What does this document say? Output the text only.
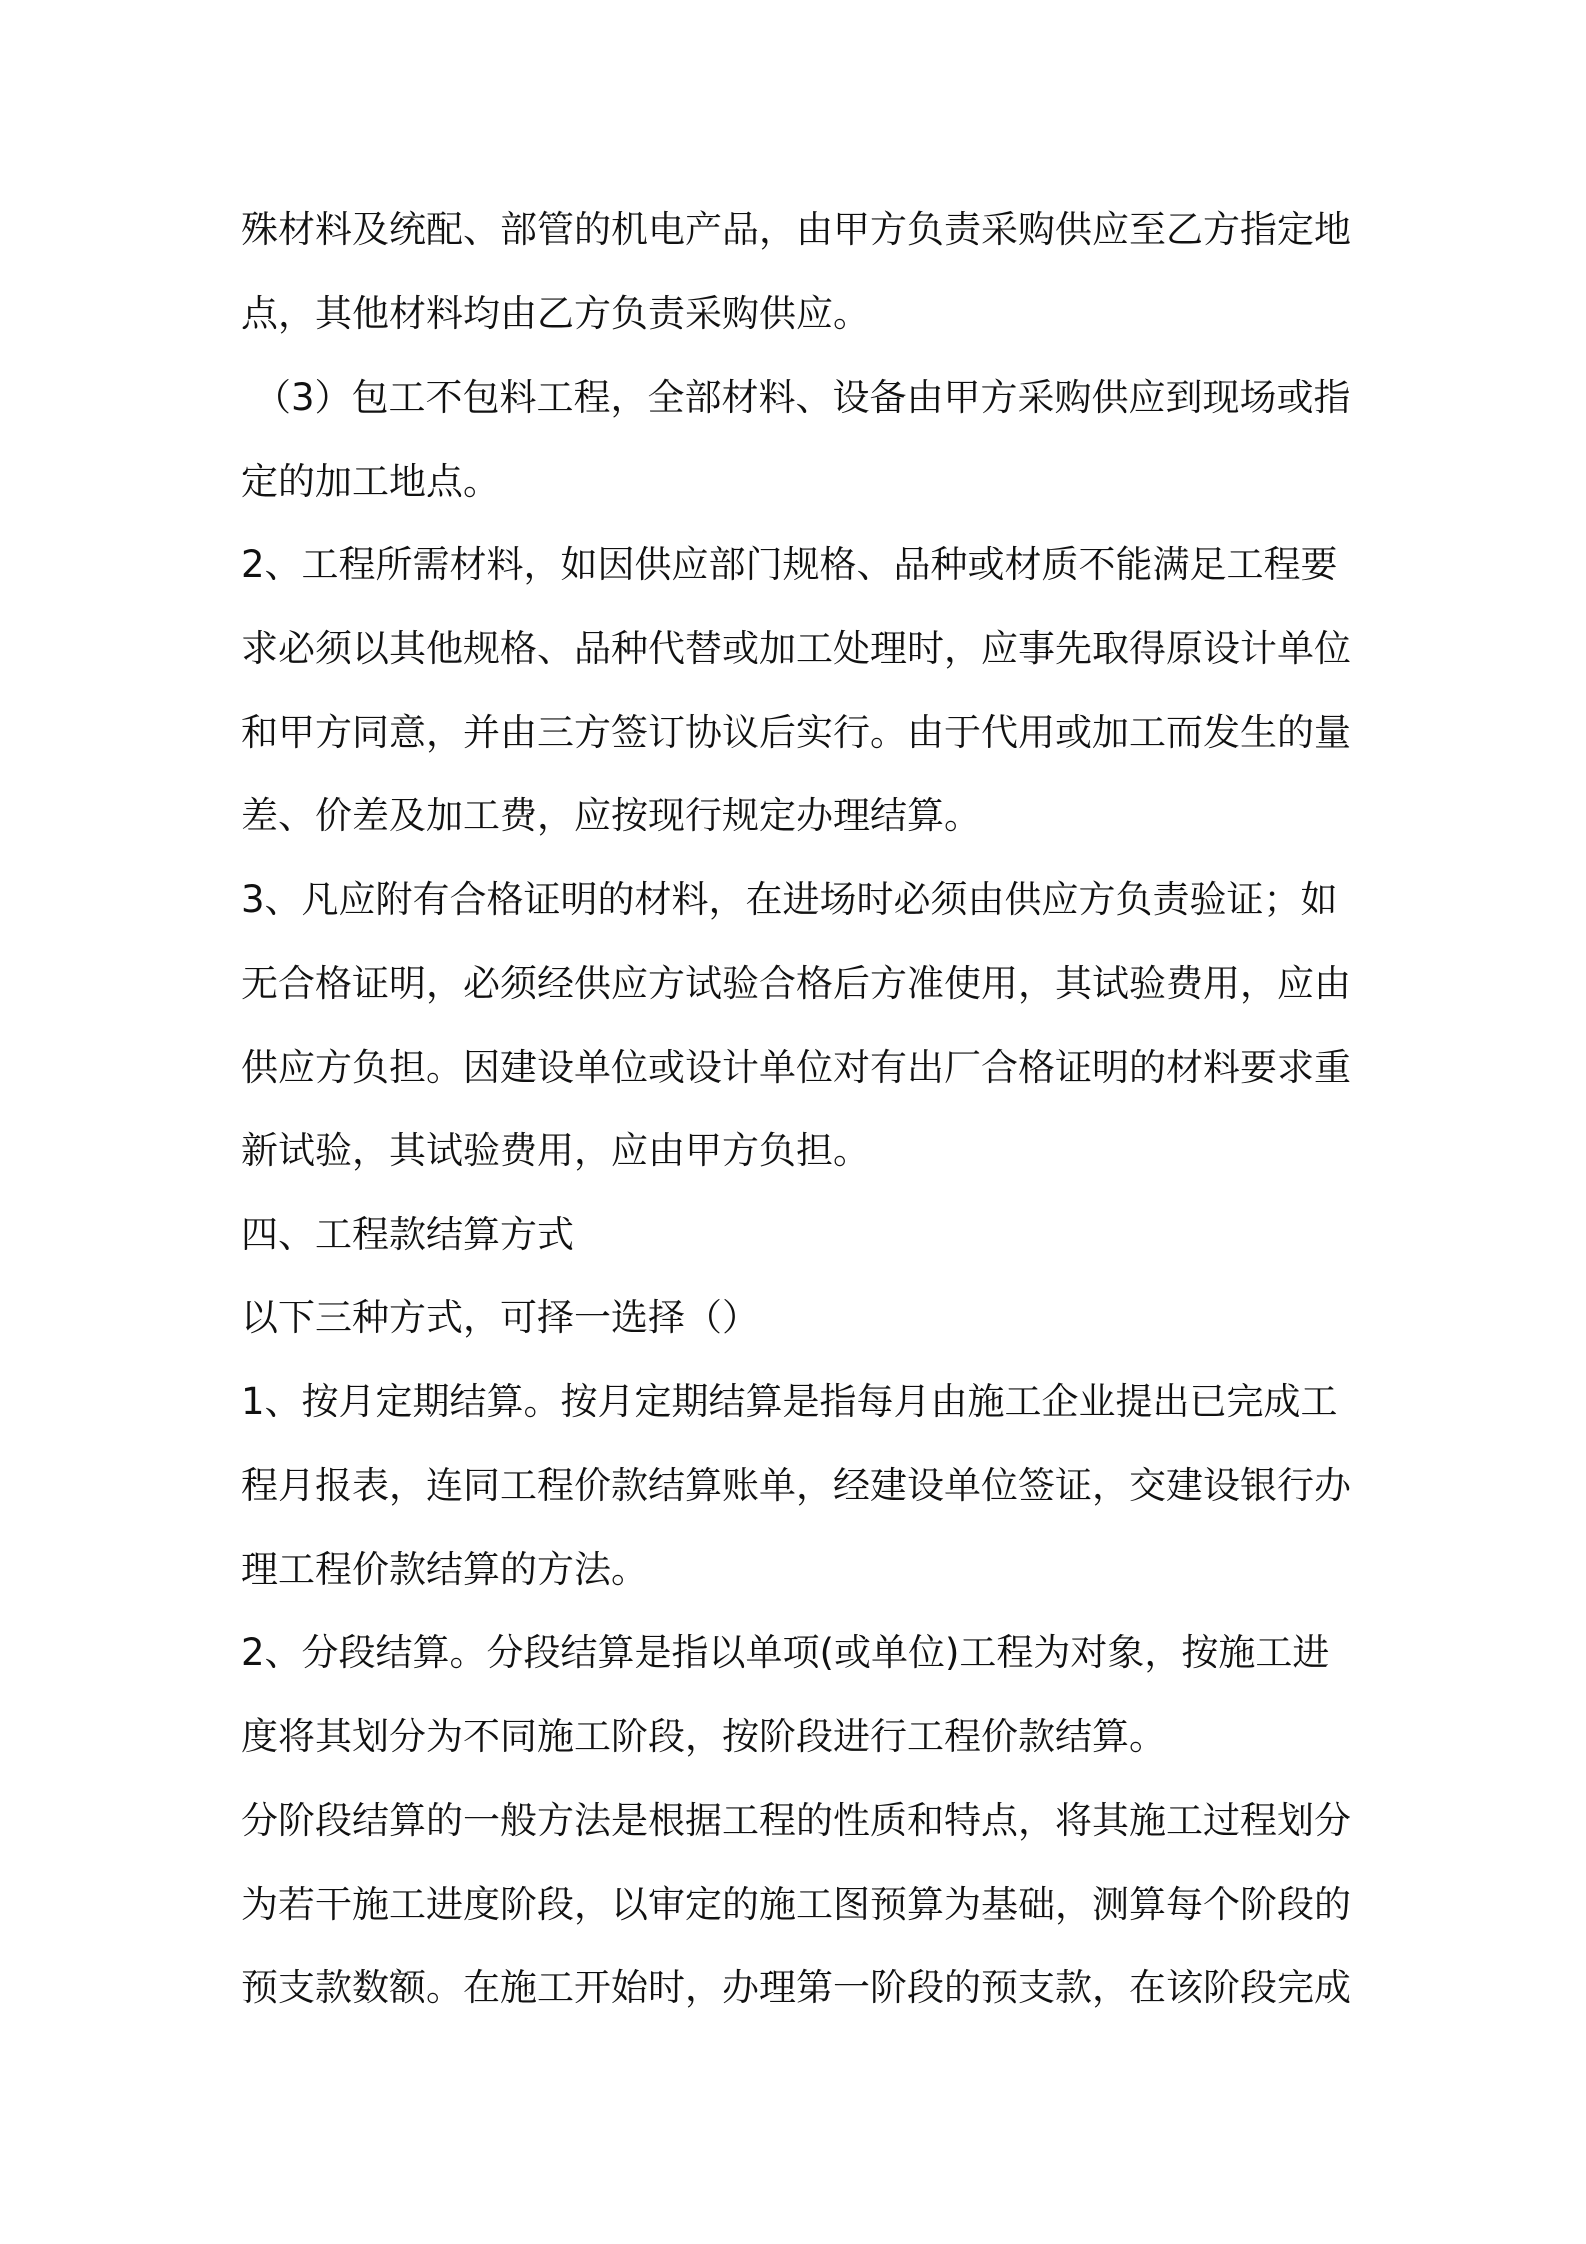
殊材料及统配、部管的机电产品，由甲方负责采购供应至乙方指定地
点，其他材料均由乙方负责采购供应。
（3）包工不包料工程，全部材料、设备由甲方采购供应到现场或指
定的加工地点。
2、工程所需材料，如因供应部门规格、品种或材质不能满足工程要
求必须以其他规格、品种代替或加工处理时，应事先取得原设计单位
和甲方同意，并由三方签订协议后实行。由于代用或加工而发生的量
差、价差及加工费，应按现行规定办理结算。
3、凡应附有合格证明的材料，在进场时必须由供应方负责验证；如
无合格证明，必须经供应方试验合格后方准使用，其试验费用，应由
供应方负担。因建设单位或设计单位对有出厂合格证明的材料要求重
新试验，其试验费用，应由甲方负担。
四、工程款结算方式
以下三种方式，可择一选择（）
1、按月定期结算。按月定期结算是指每月由施工企业提出已完成工
程月报表，连同工程价款结算账单，经建设单位签证，交建设银行办
理工程价款结算的方法。
2、分段结算。分段结算是指以单项(或单位)工程为对象，按施工进
度将其划分为不同施工阶段，按阶段进行工程价款结算。
分阶段结算的一般方法是根据工程的性质和特点，将其施工过程划分
为若干施工进度阶段，以审定的施工图预算为基础，测算每个阶段的
预支款数额。在施工开始时，办理第一阶段的预支款，在该阶段完成
